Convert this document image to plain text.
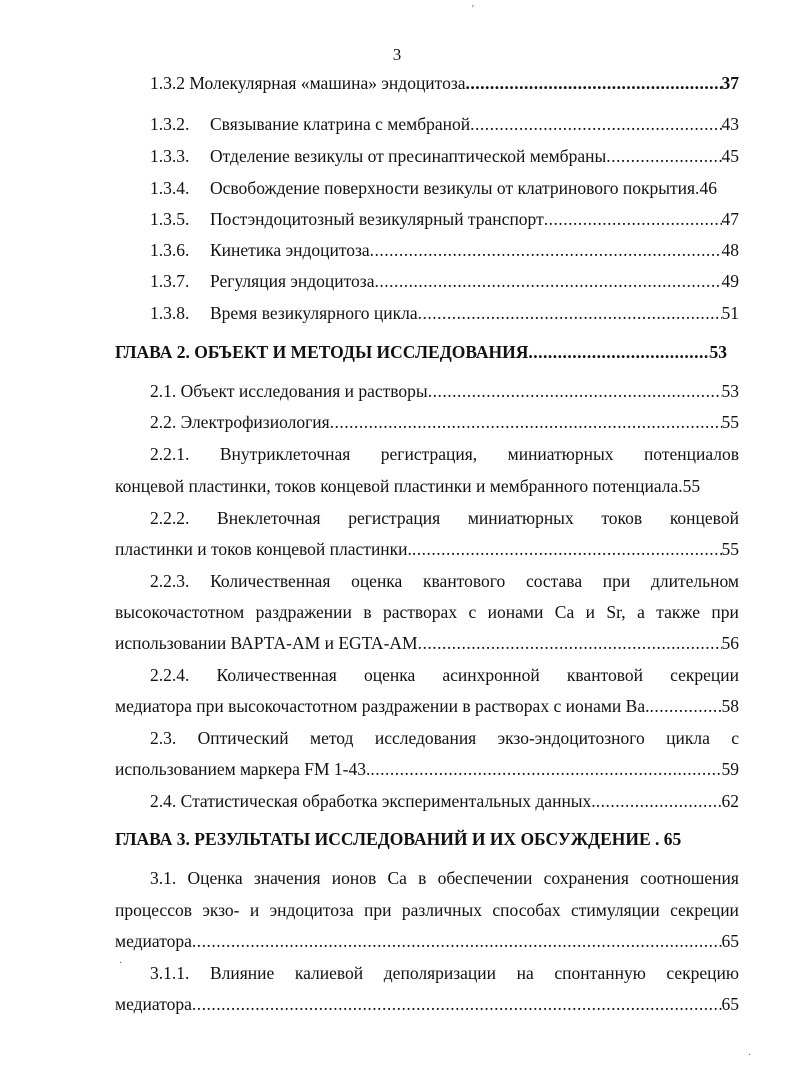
3
1.3.2 Молекулярная «машина» эндоцитоза .....	37
1.3.2. Связывание клатрина с мембраной .....	43
1.3.3. Отделение везикулы от пресинаптической мембраны .....	45
1.3.4. Освобождение поверхности везикулы от клатринового покрытия. 46
1.3.5. Постэндоцитозный везикулярный транспорт .....	47
1.3.6. Кинетика эндоцитоза .....	48
1.3.7. Регуляция эндоцитоза .....	49
1.3.8. Время везикулярного цикла .....	51
ГЛАВА 2. ОБЪЕКТ И МЕТОДЫ ИССЛЕДОВАНИЯ .....	53
2.1. Объект исследования и растворы .....	53
2.2. Электрофизиология .....	55
2.2.1. Внутриклеточная регистрация, миниатюрных потенциалов
концевой пластинки, токов концевой пластинки и мембранного потенциала. 55
2.2.2. Внеклеточная регистрация миниатюрных токов концевой
пластинки и токов концевой пластинки. .....	55
2.2.3. Количественная оценка квантового состава при длительном
высокочастотном раздражении в растворах с ионами Са и Sr, а также при
использовании ВАРТА-АМ и EGTA-AM .....	56
2.2.4. Количественная оценка асинхронной квантовой секреции
медиатора при высокочастотном раздражении в растворах с ионами Ва. .....	58
2.3. Оптический метод исследования экзо-эндоцитозного цикла с
использованием маркера FM 1-43. .....	59
2.4. Статистическая обработка экспериментальных данных. .....	62
ГЛАВА 3. РЕЗУЛЬТАТЫ ИССЛЕДОВАНИЙ И ИХ ОБСУЖДЕНИЕ . 65
3.1. Оценка значения ионов Са в обеспечении сохранения соотношения
процессов экзо- и эндоцитоза при различных способах стимуляции секреции
медиатора .....	65
3.1.1. Влияние калиевой деполяризации на спонтанную секрецию
медиатора .....	65
'
·
·
